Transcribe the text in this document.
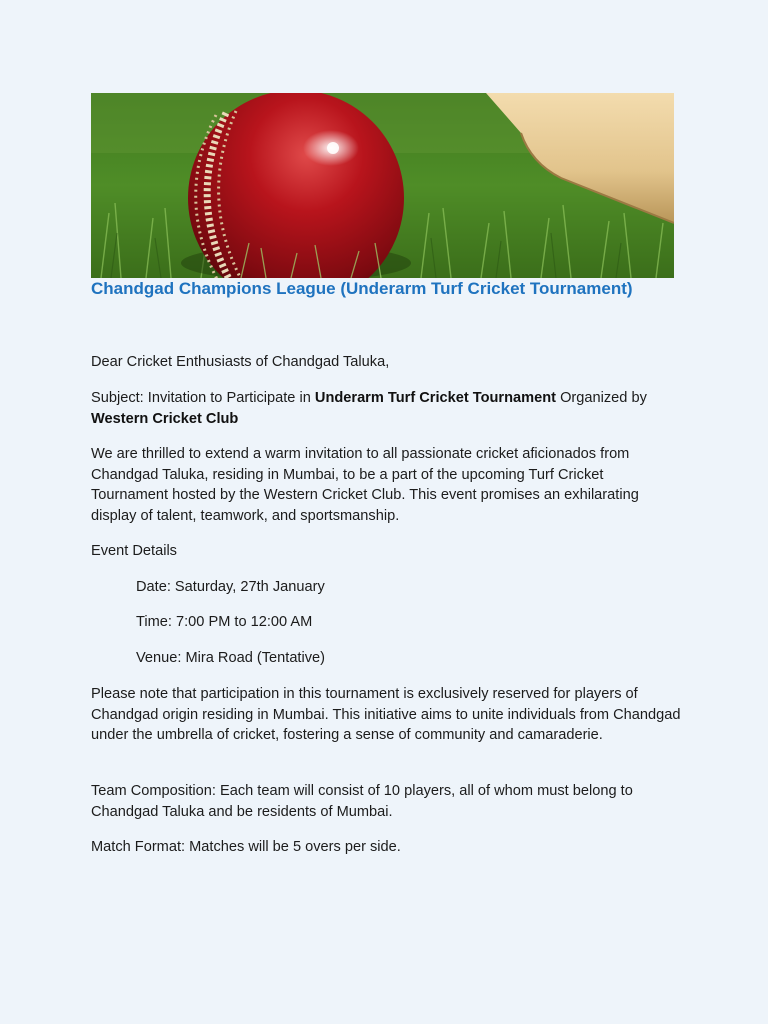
Chandgad Champions League (Underarm Turf Cricket Tournament)
Dear Cricket Enthusiasts of Chandgad Taluka,
Subject: Invitation to Participate in Underarm Turf Cricket Tournament Organized by Western Cricket Club
We are thrilled to extend a warm invitation to all passionate cricket aficionados from Chandgad Taluka, residing in Mumbai, to be a part of the upcoming Turf Cricket Tournament hosted by the Western Cricket Club. This event promises an exhilarating display of talent, teamwork, and sportsmanship.
Event Details
Date: Saturday, 27th January
Time: 7:00 PM to 12:00 AM
Venue: Mira Road (Tentative)
Please note that participation in this tournament is exclusively reserved for players of Chandgad origin residing in Mumbai. This initiative aims to unite individuals from Chandgad under the umbrella of cricket, fostering a sense of community and camaraderie.
Team Composition: Each team will consist of 10 players, all of whom must belong to Chandgad Taluka and be residents of Mumbai.
Match Format: Matches will be 5 overs per side.
